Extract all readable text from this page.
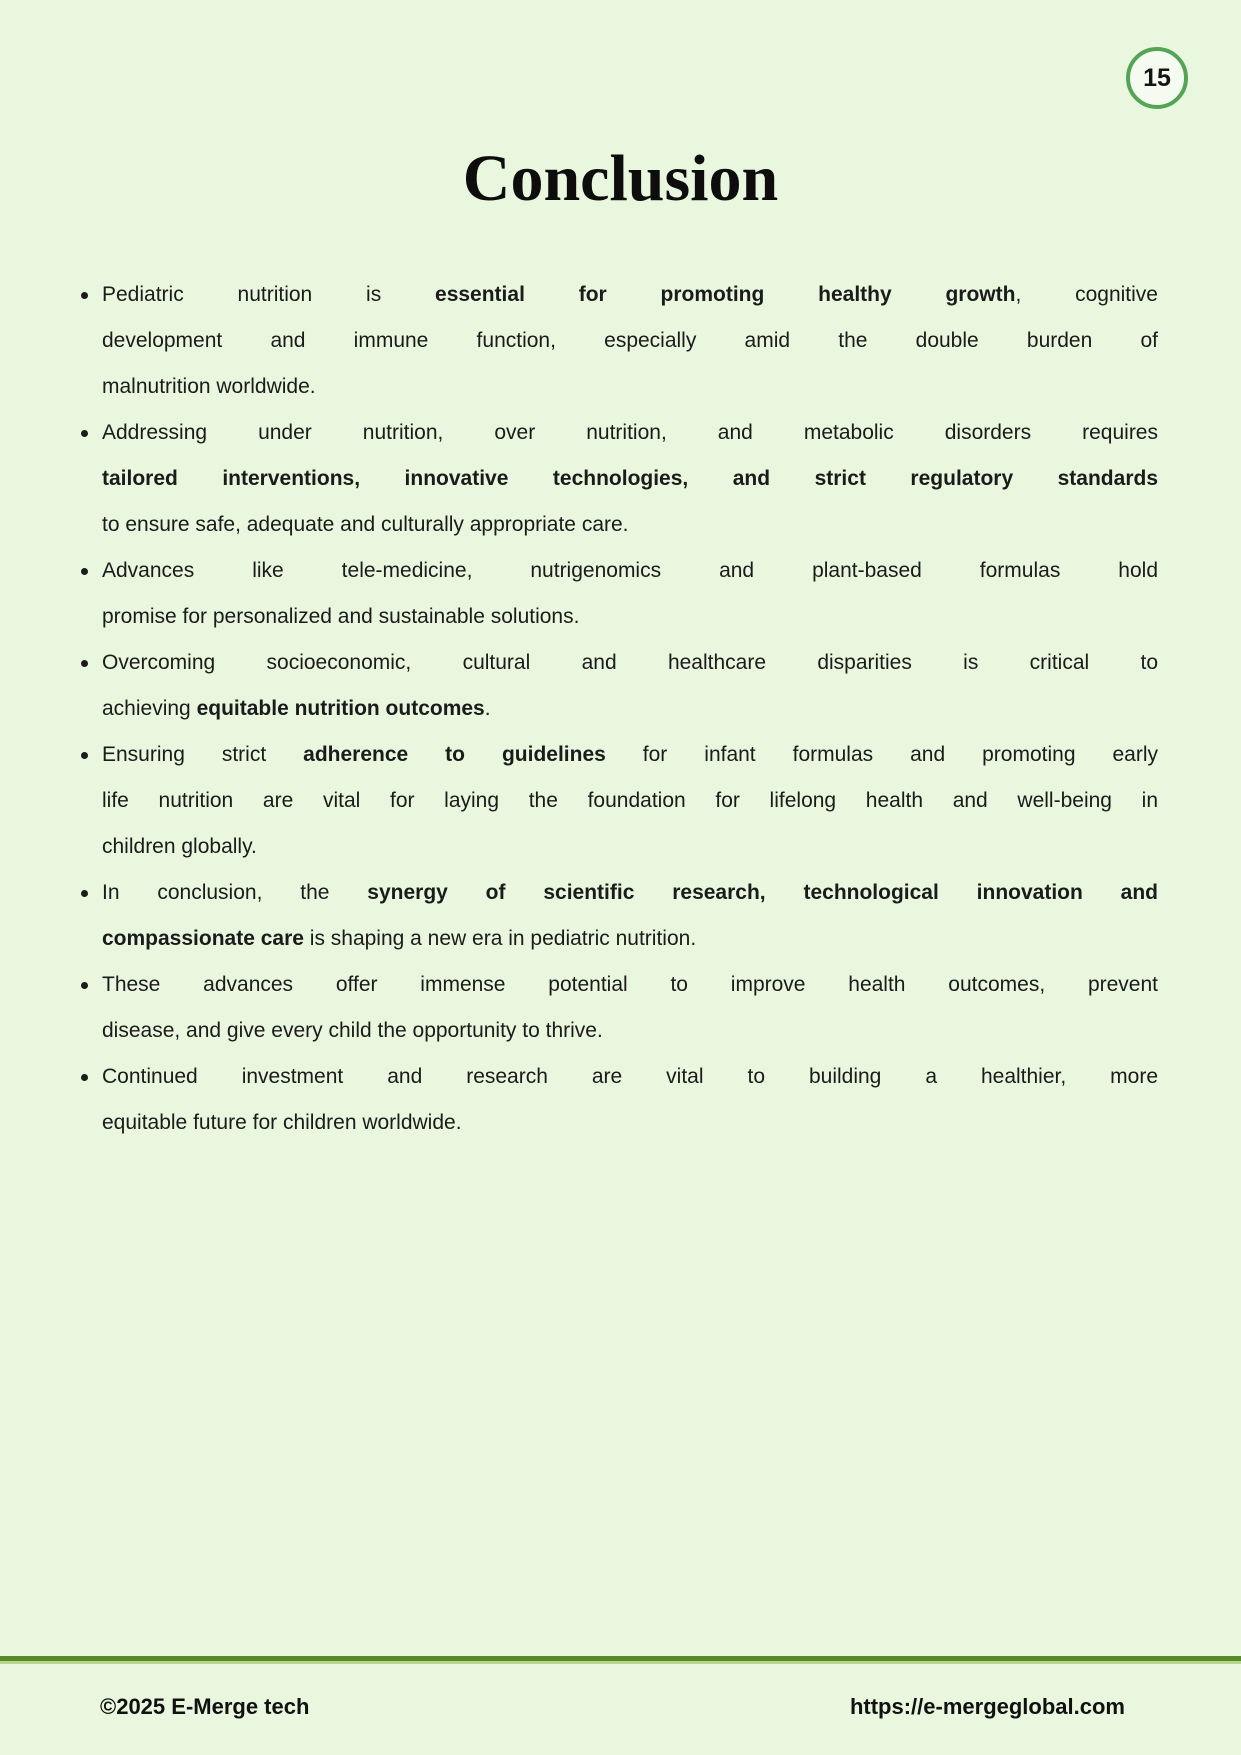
15
Conclusion
Pediatric nutrition is essential for promoting healthy growth, cognitive
development and immune function, especially amid the double burden of
malnutrition worldwide.
Addressing under nutrition, over nutrition, and metabolic disorders requires
tailored interventions, innovative technologies, and strict regulatory standards
to ensure safe, adequate and culturally appropriate care.
Advances like tele-medicine, nutrigenomics and plant-based formulas hold
promise for personalized and sustainable solutions.
Overcoming socioeconomic, cultural and healthcare disparities is critical to
achieving equitable nutrition outcomes.
Ensuring strict adherence to guidelines for infant formulas and promoting early
life nutrition are vital for laying the foundation for lifelong health and well-being in
children globally.
In conclusion, the synergy of scientific research, technological innovation and
compassionate care is shaping a new era in pediatric nutrition.
These advances offer immense potential to improve health outcomes, prevent
disease, and give every child the opportunity to thrive.
Continued investment and research are vital to building a healthier, more
equitable future for children worldwide.
©2025 E-Merge tech	https://e-mergeglobal.com
